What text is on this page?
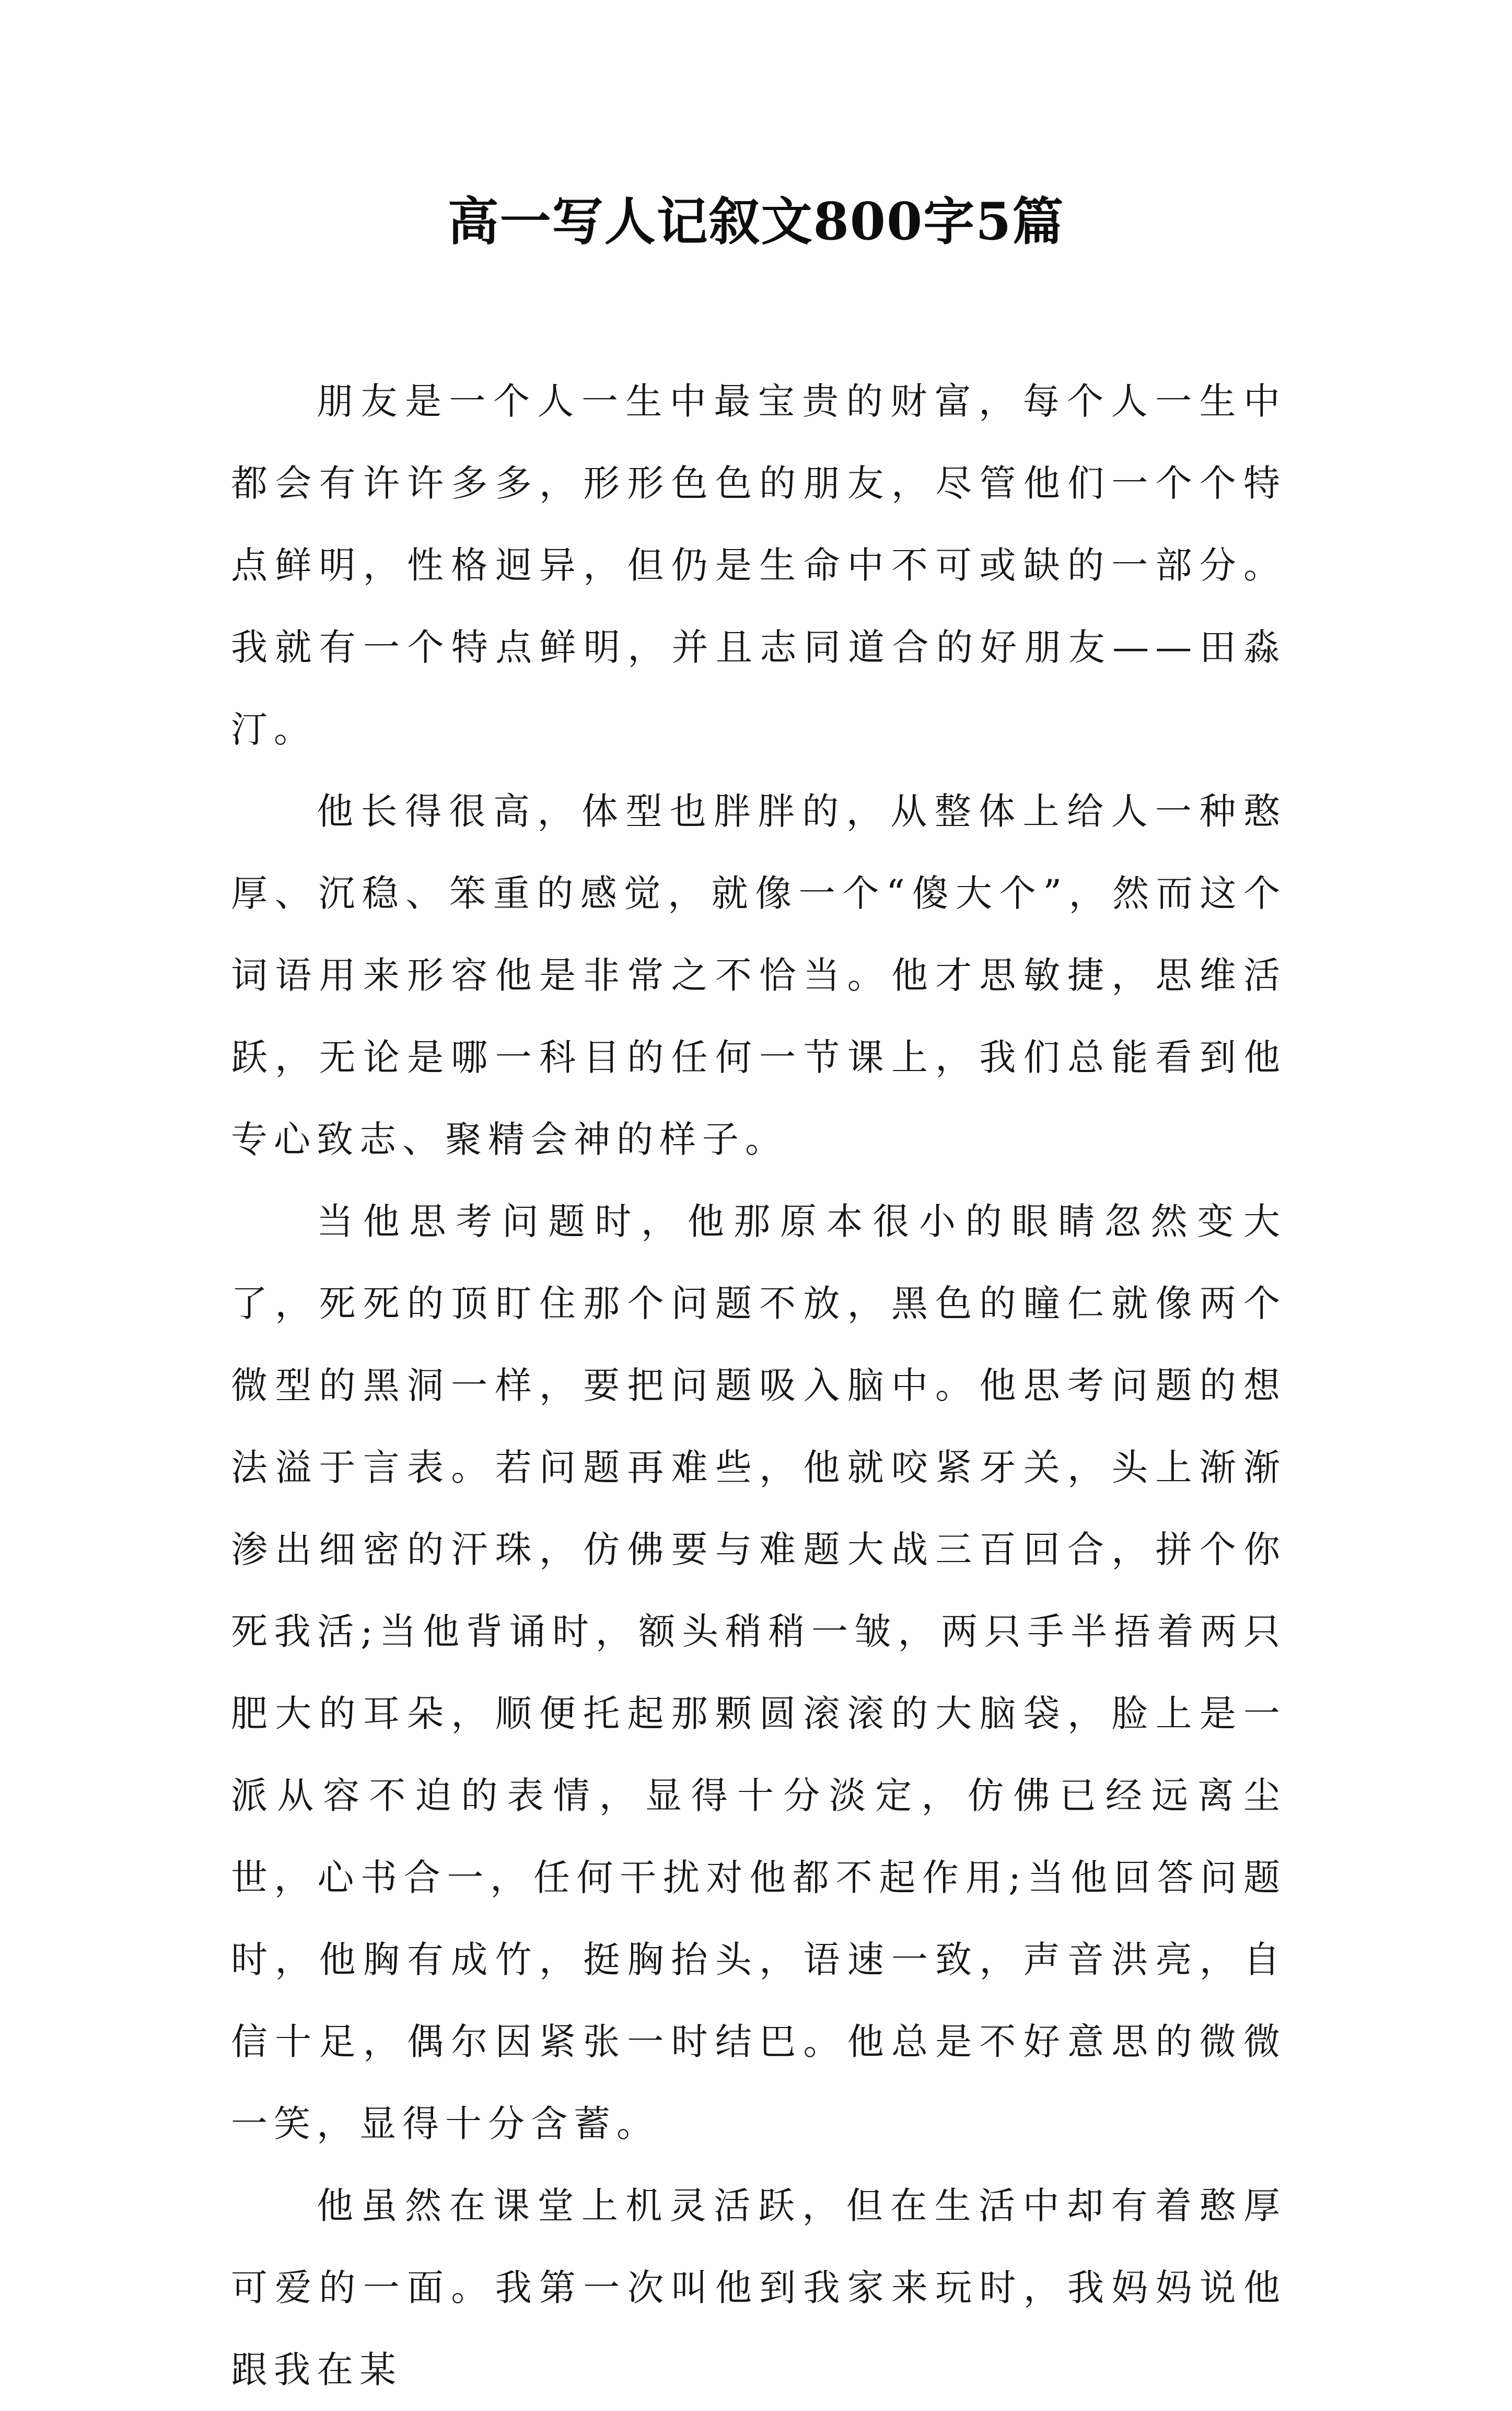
高一写人记叙文800字5篇

朋友是一个人一生中最宝贵的财富，每个人一生中都会有许许多多，形形色色的朋友，尽管他们一个个特点鲜明，性格迥异，但仍是生命中不可或缺的一部分。我就有一个特点鲜明，并且志同道合的好朋友——田淼汀。

他长得很高，体型也胖胖的，从整体上给人一种憨厚、沉稳、笨重的感觉，就像一个“傻大个”，然而这个词语用来形容他是非常之不恰当。他才思敏捷，思维活跃，无论是哪一科目的任何一节课上，我们总能看到他专心致志、聚精会神的样子。

当他思考问题时，他那原本很小的眼睛忽然变大了，死死的顶盯住那个问题不放，黑色的瞳仁就像两个微型的黑洞一样，要把问题吸入脑中。他思考问题的想法溢于言表。若问题再难些，他就咬紧牙关，头上渐渐渗出细密的汗珠，仿佛要与难题大战三百回合，拼个你死我活;当他背诵时，额头稍稍一皱，两只手半捂着两只肥大的耳朵，顺便托起那颗圆滚滚的大脑袋，脸上是一派从容不迫的表情，显得十分淡定，仿佛已经远离尘世，心书合一，任何干扰对他都不起作用;当他回答问题时，他胸有成竹，挺胸抬头，语速一致，声音洪亮，自信十足，偶尔因紧张一时结巴。他总是不好意思的微微一笑，显得十分含蓄。

他虽然在课堂上机灵活跃，但在生活中却有着憨厚可爱的一面。我第一次叫他到我家来玩时，我妈妈说他跟我在某
